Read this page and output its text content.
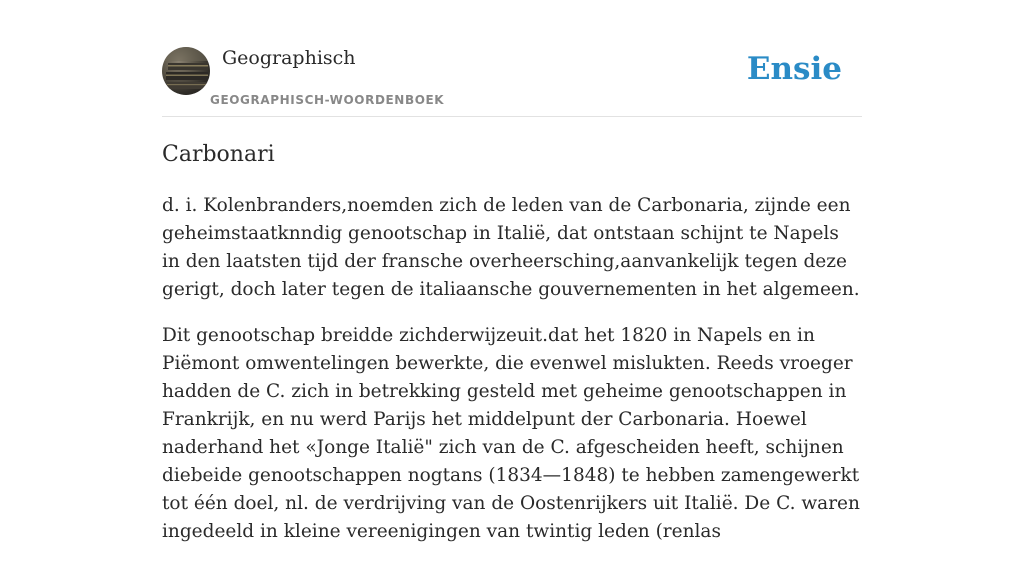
Geographisch
GEOGRAPHISCH-WOORDENBOEK
Ensie
Carbonari

d. i. Kolenbranders,noemden zich de leden van de Carbonaria, zijnde een geheimstaatknndig genootschap in Italië, dat ontstaan schijnt te Napels in den laatsten tijd der fransche overheersching,aanvankelijk tegen deze gerigt, doch later tegen de italiaansche gouvernementen in het algemeen.

Dit genootschap breidde zichderwijzeuit.dat het 1820 in Napels en in Piëmont omwentelingen bewerkte, die evenwel mislukten. Reeds vroeger hadden de C. zich in betrekking gesteld met geheime genootschappen in Frankrijk, en nu werd Parijs het middelpunt der Carbonaria. Hoewel naderhand het «Jonge Italië" zich van de C. afgescheiden heeft, schijnen diebeide genootschappen nogtans (1834—1848) te hebben zamengewerkt tot één doel, nl. de verdrijving van de Oostenrijkers uit Italië. De C. waren ingedeeld in kleine vereenigingen van twintig leden (renlas
